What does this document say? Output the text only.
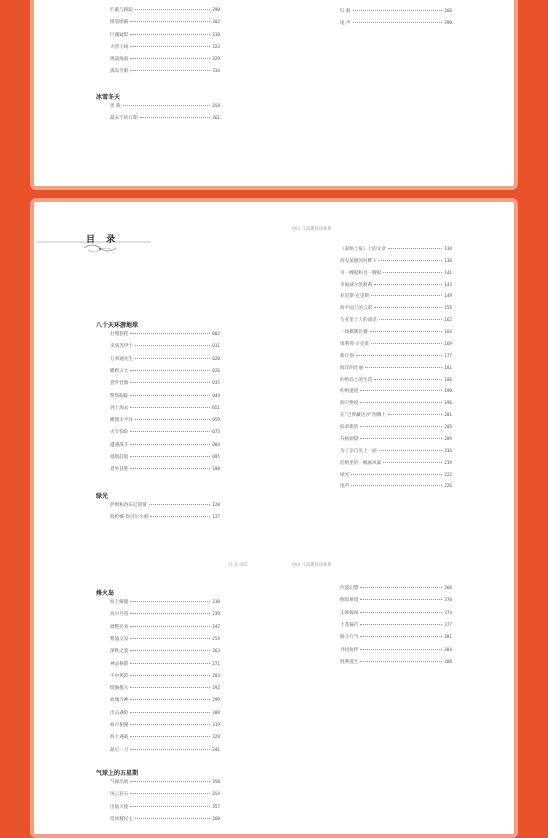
拦截与跟踪	290
愤怒暗礁	302
巨藻疑影	310
大管干线	323
挑战海面	329
孤岛冬眠	334
冰雪冬天
黑 熊	358
最末个的日期	361
归 航	366
尾 声	390
目 录
002 儿童趣科探索系
八十天环游地球
打赌旅程	002
来到苏伊士	011
万事通先生	020
横跨五大	026
意外营救	035
警察跟踪	044
到上海去	051
横渡太平洋	059
火车惊险	073
遭遇战斗	084
抵航赶船	095
意外获胜	108
绿光
萨姆和西布尼舅舅	120
海伦娜·坎贝尔小姐	127
《泰晤士报》上的文章	130
西克莱德河河畔下	136
另一艘船和另一艘船	141
幸福威尔凯莉莉	143
亚里斯·克里斯	149
海平面上的云彩	155
与亚里士人的谈话	162
一场棋牌比赛	164
奥利弗·辛克莱	169
新计划	177
海洋的壮丽	181
约纳岛上的生活	186
约纳遗迹	190
洞穴绝境	196
在“岂涉藏达沙”图腾上	201
奴隶新的	205
芬格洞窟	209
为了亲自见上一面	216
伯纳里的一幅画风暴	219
绿光	222
尾声	226
目 录 005	004 儿童趣科探索系
烽火岛
海上解储	230
高川号笛	239
调整民务	247
繁盛交易	254
深秋之宴	263
神灵格斯	271
不中风险	283
挺胸揽夫	292
故城寺神	299
出击遇险	309
如月相聚	319
海上遇战	329
最后一刀	341
气球上的五星期
气球出航	350
风云岩石	354
出航天使	357
投放移民主	360
沙漠幻想	368
倒坂难境	370
尖席嫁闲	374
上苍漏召	377
路斗行当	381
寻找伙伴	384
胜利逃生	388
